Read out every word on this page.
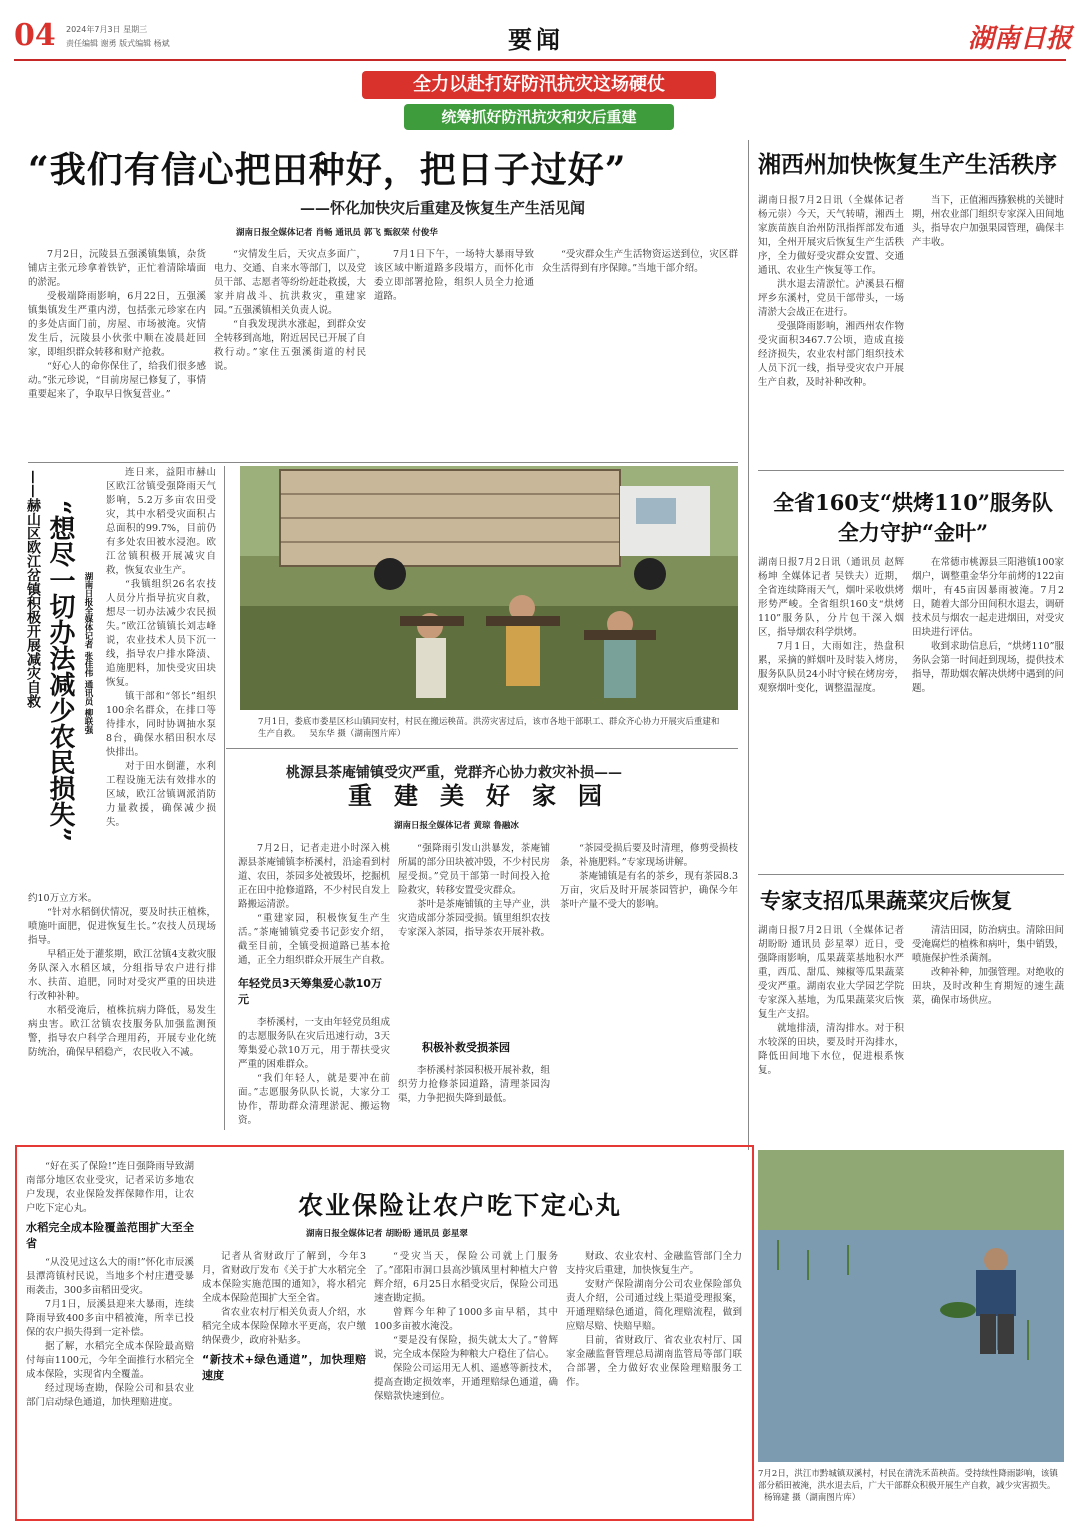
04 2024年7月3日 星期三
责任编辑 谢勇 版式编辑 杨斌	要闻	湖南日报
全力以赴打好防汛抗灾这场硬仗
统筹抓好防汛抗灾和灾后重建
“我们有信心把田种好，把日子过好”
——怀化加快灾后重建及恢复生产生活见闻
湖南日报全媒体记者 肖畅 通讯员 郭飞 甄叙荣 付俊华

7月2日，沅陵县五强溪镇集镇，杂货铺店主张元珍拿着铁铲，正忙着清除墙面的淤泥。

受极端降雨影响，6月22日，五强溪镇集镇发生严重内涝，包括张元珍家在内的多处店面门前，房屋、市场被淹。灾情发生后，沅陵县小伙张中顺在凌晨赶回家，即组织群众转移和财产抢救。

“好心人的命你保住了，给我们很多感动。”张元珍说，“目前房屋已修复了，事情重要起来了，争取早日恢复营业。”

“灾情发生后，天灾点多面广，电力、交通、自来水等部门，以及党员干部、志愿者等纷纷赶赴救援，大家并肩战斗、抗洪救灾，重建家园。”五强溪镇相关负责人说。

“自我发现洪水涨起，到群众安全转移到高地，附近居民已开展了自救行动。”家住五强溪街道的村民说。

7月1日下午，一场特大暴雨导致该区域中断道路多段塌方，而怀化市委立即部署抢险，组织人员全力抢通道路。

“受灾群众生产生活物资运送到位，灾区群众生活得到有序保障。”当地干部介绍。

湘西州加快恢复生产生活秩序

湖南日报7月2日讯（全媒体记者 杨元崇）今天，天气转晴，湘西土家族苗族自治州防汛指挥部发布通知，全州开展灾后恢复生产生活秩序，全力做好受灾群众安置、交通通讯、农业生产恢复等工作。

洪水退去清淤忙。泸溪县石榴坪乡东溪村，党员干部带头，一场清淤大会战正在进行。

受强降雨影响，湘西州农作物受灾面积3467.7公顷，造成直接经济损失，农业农村部门组织技术人员下沉一线，指导受灾农户开展生产自救，及时补种改种。

当下，正值湘西猕猴桃的关键时期，州农业部门组织专家深入田间地头，指导农户加强果园管理，确保丰产丰收。

——赫山区欧江岔镇积极开展减灾自救 “想尽一切办法减少农民损失” 湖南日报全媒体记者 张佳伟 通讯员 柳联强

连日来，益阳市赫山区欧江岔镇受强降雨天气影响，5.2万多亩农田受灾，其中水稻受灾面积占总面积的99.7%，目前仍有多处农田被水浸泡。欧江岔镇积极开展减灾自救，恢复农业生产。

“我镇组织26名农技人员分片指导抗灾自救，想尽一切办法减少农民损失。”欧江岔镇镇长刘志峰说，农业技术人员下沉一线，指导农户排水降渍、追施肥料，加快受灾田块恢复。

镇干部和“邻长”组织100余名群众，在排口等待排水，同时协调抽水泵8台，确保水稻田积水尽快排出。

对于田水倒灌，水利工程设施无法有效排水的区域，欧江岔镇调派消防力量救援，确保减少损失。

约10万立方米。

“针对水稻倒伏情况，要及时扶正植株，喷施叶面肥，促进恢复生长。”农技人员现场指导。

早稻正处于灌浆期，欧江岔镇4支救灾服务队深入水稻区域，分组指导农户进行排水、扶苗、追肥，同时对受灾严重的田块进行改种补种。

水稻受淹后，植株抗病力降低，易发生病虫害。欧江岔镇农技服务队加强监测预警，指导农户科学合理用药，开展专业化统防统治，确保早稻稳产，农民收入不减。

7月1日，娄底市娄星区杉山镇同安村，村民在搬运秧苗。洪涝灾害过后，该市各地干部职工、群众齐心协力开展灾后重建和生产自救。 吴东华 摄（湖南图片库）
桃源县茶庵铺镇受灾严重，党群齐心协力救灾补损——
重建美好家园
湖南日报全媒体记者 黄琼 鲁融冰

7月2日，记者走进小时深入桃源县茶庵铺镇李桥溪村，沿途看到村道、农田，茶园多处被毁坏，挖掘机正在田中抢修道路，不少村民自发上路搬运清淤。

“重建家园，积极恢复生产生活。”茶庵铺镇党委书记彭安介绍，截至目前，全镇受损道路已基本抢通，正全力组织群众开展生产自救。

年轻党员3天筹集爱心款10万元

李桥溪村，一支由年轻党员组成的志愿服务队在灾后迅速行动，3天筹集爱心款10万元，用于帮扶受灾严重的困难群众。

“我们年轻人，就是要冲在前面。”志愿服务队队长说，大家分工协作，帮助群众清理淤泥、搬运物资。

“强降雨引发山洪暴发，茶庵铺所属的部分田块被冲毁，不少村民房屋受损。”党员干部第一时间投入抢险救灾，转移安置受灾群众。

茶叶是茶庵铺镇的主导产业，洪灾造成部分茶园受损。镇里组织农技专家深入茶园，指导茶农开展补救。

积极补救受损茶园

李桥溪村茶园积极开展补救，组织劳力抢修茶园道路，清理茶园沟渠，力争把损失降到最低。

“茶园受损后要及时清理，修剪受损枝条，补施肥料。”专家现场讲解。

茶庵铺镇是有名的茶乡，现有茶园8.3万亩，灾后及时开展茶园管护，确保今年茶叶产量不受大的影响。

全省160支“烘烤110”服务队
全力守护“金叶”

湖南日报7月2日讯（通讯员 赵辉 杨坤 全媒体记者 吴铁夫）近期，全省连续降雨天气，烟叶采收烘烤形势严峻。全省组织160支“烘烤110”服务队，分片包干深入烟区，指导烟农科学烘烤。

7月1日，大雨如注，热盘积累，采摘的鲜烟叶及时装入烤房，服务队队员24小时守候在烤房旁，观察烟叶变化，调整温湿度。

在常德市桃源县三阳港镇100家烟户，调整重金华分年前烤的122亩烟叶，有45亩因暴雨被淹。7月2日，随着大部分田间积水退去，调研技术员与烟农一起走进烟田，对受灾田块进行评估。

收到求助信息后，“烘烤110”服务队会第一时间赶到现场，提供技术指导，帮助烟农解决烘烤中遇到的问题。

专家支招瓜果蔬菜灾后恢复

湖南日报7月2日讯（全媒体记者 胡盼盼 通讯员 彭星翠）近日，受强降雨影响，瓜果蔬菜基地积水严重，西瓜、甜瓜、辣椒等瓜果蔬菜受灾严重。湖南农业大学园艺学院专家深入基地，为瓜果蔬菜灾后恢复生产支招。

就地排渍，清沟排水。对于积水较深的田块，要及时开沟排水，降低田间地下水位，促进根系恢复。

清洁田园，防治病虫。清除田间受淹腐烂的植株和病叶，集中销毁，喷施保护性杀菌剂。

改种补种，加强管理。对绝收的田块，及时改种生育期短的速生蔬菜，确保市场供应。

农业保险让农户吃下定心丸
湖南日报全媒体记者 胡盼盼 通讯员 彭星翠

“好在买了保险!”连日强降雨导致湖南部分地区农业受灾，记者采访多地农户发现，农业保险发挥保障作用，让农户吃下定心丸。

水稻完全成本险覆盖范围扩大至全省

“从没见过这么大的雨!”怀化市辰溪县潭湾镇村民说，当地多个村庄遭受暴雨袭击，300多亩稻田受灾。

7月1日，辰溪县迎来大暴雨，连续降雨导致400多亩中稻被淹，所幸已投保的农户损失得到一定补偿。

据了解，水稻完全成本保险最高赔付每亩1100元，今年全面推行水稻完全成本保险，实现省内全覆盖。

经过现场查勘，保险公司和县农业部门启动绿色通道，加快理赔进度。

记者从省财政厅了解到，今年3月，省财政厅发布《关于扩大水稻完全成本保险实施范围的通知》，将水稻完全成本保险范围扩大至全省。

省农业农村厅相关负责人介绍，水稻完全成本保险保障水平更高，农户缴纳保费少，政府补贴多。

“新技术+绿色通道”，加快理赔速度

“受灾当天，保险公司就上门服务了。”邵阳市洞口县高沙镇凤里村种植大户曾辉介绍，6月25日水稻受灾后，保险公司迅速查勘定损。

曾辉今年种了1000多亩早稻，其中100多亩被水淹没。

“要是没有保险，损失就太大了。”曾辉说，完全成本保险为种粮大户稳住了信心。

保险公司运用无人机、遥感等新技术，提高查勘定损效率，开通理赔绿色通道，确保赔款快速到位。

财政、农业农村、金融监管部门全力支持灾后重建，加快恢复生产。

安财产保险湖南分公司农业保险部负责人介绍，公司通过线上渠道受理报案，开通理赔绿色通道，简化理赔流程，做到应赔尽赔、快赔早赔。

目前，省财政厅、省农业农村厅、国家金融监督管理总局湖南监管局等部门联合部署，全力做好农业保险理赔服务工作。

7月2日，洪江市黔城镇双溪村，村民在清洗禾苗秧苗。受持续性降雨影响，该镇部分稻田被淹，洪水退去后，广大干部群众积极开展生产自救，减少灾害损失。 杨锦建 摄（湖南图片库）
